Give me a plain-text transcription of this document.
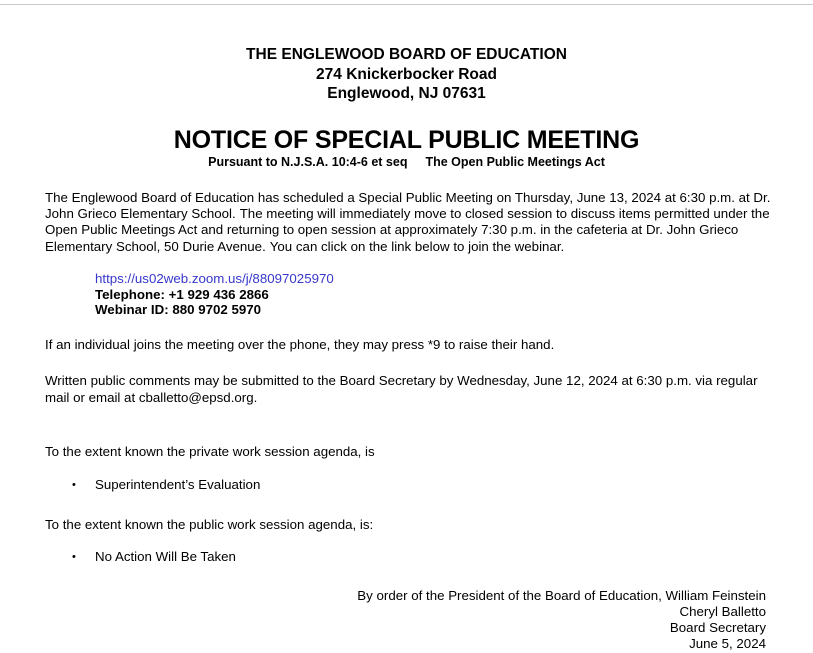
THE ENGLEWOOD BOARD OF EDUCATION
274 Knickerbocker Road
Englewood, NJ 07631
NOTICE OF SPECIAL PUBLIC MEETING
Pursuant to N.J.S.A. 10:4-6 et seq The Open Public Meetings Act

The Englewood Board of Education has scheduled a Special Public Meeting on Thursday, June 13, 2024 at 6:30 p.m. at Dr. John Grieco Elementary School. The meeting will immediately move to closed session to discuss items permitted under the Open Public Meetings Act and returning to open session at approximately 7:30 p.m. in the cafeteria at Dr. John Grieco Elementary School, 50 Durie Avenue. You can click on the link below to join the webinar.

https://us02web.zoom.us/j/88097025970
Telephone: +1 929 436 2866
Webinar ID: 880 9702 5970

If an individual joins the meeting over the phone, they may press *9 to raise their hand.

Written public comments may be submitted to the Board Secretary by Wednesday, June 12, 2024 at 6:30 p.m. via regular mail or email at cballetto@epsd.org.

To the extent known the private work session agenda, is

• Superintendent’s Evaluation

To the extent known the public work session agenda, is:

• No Action Will Be Taken
By order of the President of the Board of Education, William Feinstein
Cheryl Balletto
Board Secretary
June 5, 2024
